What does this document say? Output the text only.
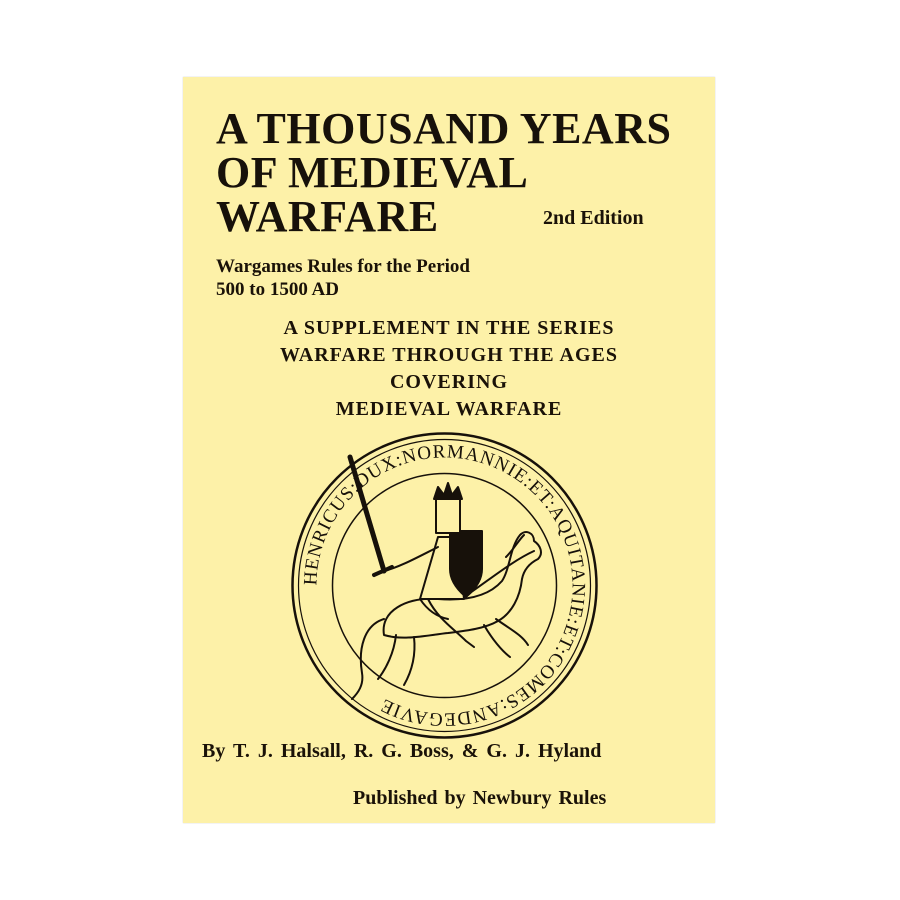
A THOUSAND YEARS
OF MEDIEVAL
WARFARE	2nd Edition
Wargames Rules for the Period
500 to 1500 AD
A SUPPLEMENT IN THE SERIES
WARFARE THROUGH THE AGES
COVERING
MEDIEVAL WARFARE
HENRICUS:DUX:NORMANNIE:ET:AQUITANIE:ET:COMES:ANDEGAVIE
By T. J. Halsall, R. G. Boss, & G. J. Hyland
Published by Newbury Rules
